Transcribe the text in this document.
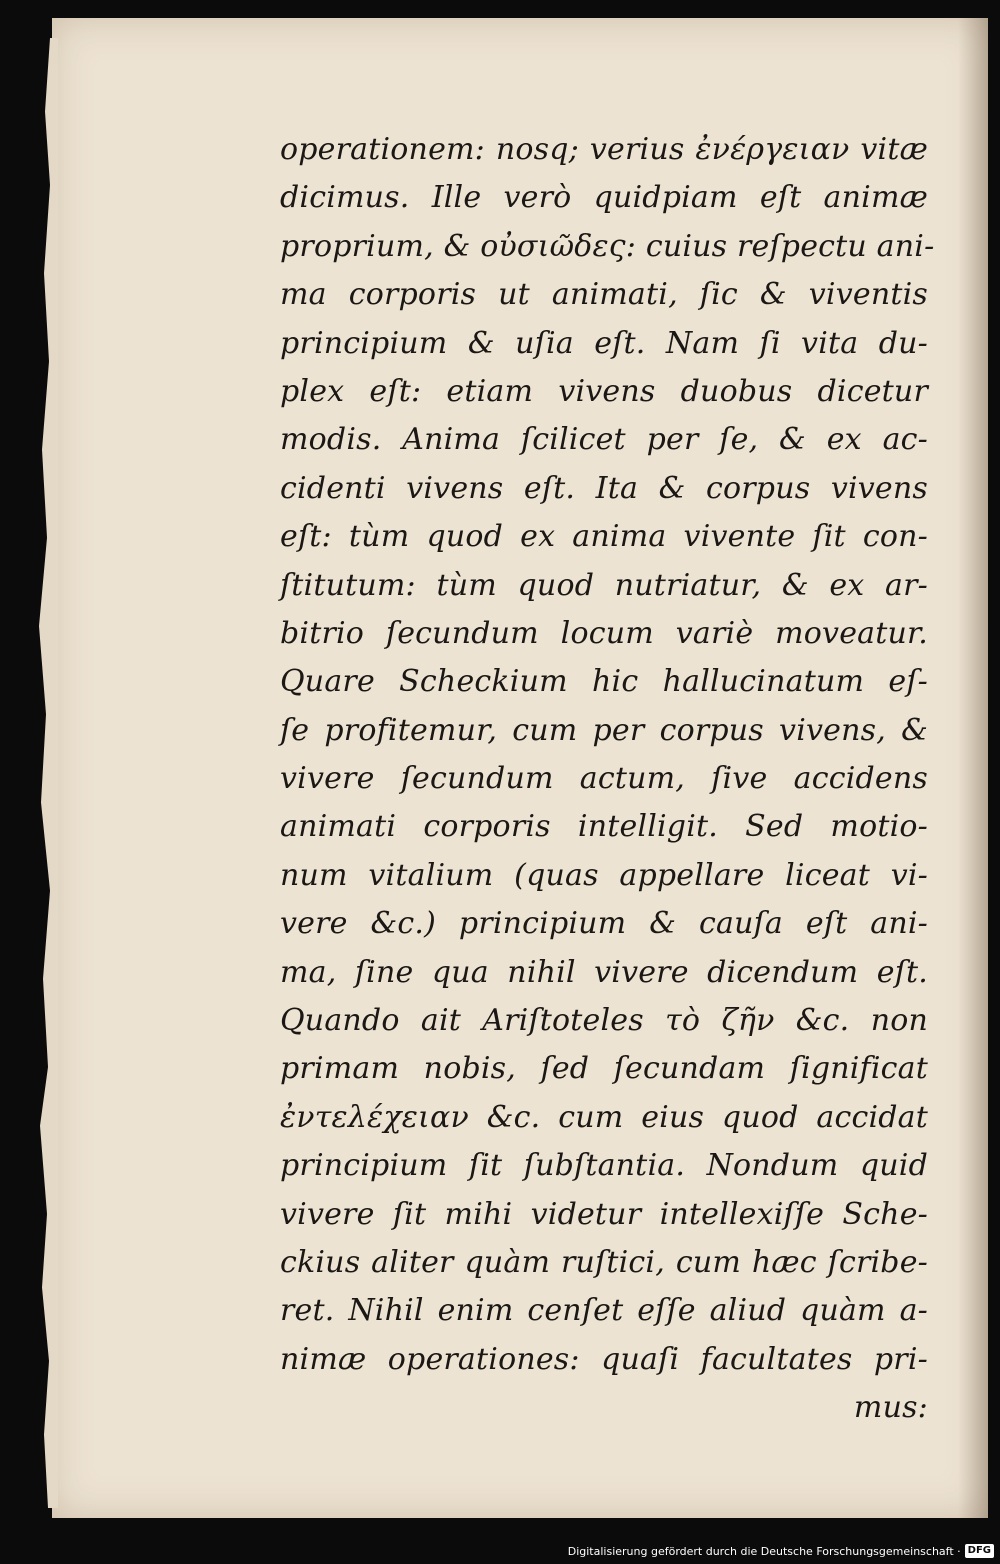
operationem: nosq; verius ἐνέργειαν vitæ
dicimus. Ille verò quidpiam eſt animæ
proprium, & οὐσιῶδες: cuius reſpectu ani-
ma corporis ut animati, ſic & viventis
principium & uſia eſt. Nam ſi vita du-
plex eſt: etiam vivens duobus dicetur
modis. Anima ſcilicet per ſe, & ex ac-
cidenti vivens eſt. Ita & corpus vivens
eſt: tùm quod ex anima vivente ſit con-
ſtitutum: tùm quod nutriatur, & ex ar-
bitrio ſecundum locum variè moveatur.
Quare Scheckium hic hallucinatum eſ-
ſe profitemur, cum per corpus vivens, &
vivere ſecundum actum, ſive accidens
animati corporis intelligit. Sed motio-
num vitalium (quas appellare liceat vi-
vere &c.) principium & cauſa eſt ani-
ma, ſine qua nihil vivere dicendum eſt.
Quando ait Ariſtoteles τὸ ζῆν &c. non
primam nobis, ſed ſecundam ſignificat
ἐντελέχειαν &c. cum eius quod accidat
principium ſit ſubſtantia. Nondum quid
vivere ſit mihi videtur intellexiſſe Sche-
ckius aliter quàm ruſtici, cum hæc ſcribe-
ret. Nihil enim cenſet eſſe aliud quàm a-
nimæ operationes: quaſi facultates pri-
mus:
Digitalisierung gefördert durch die Deutsche Forschungsgemeinschaft · DFG
